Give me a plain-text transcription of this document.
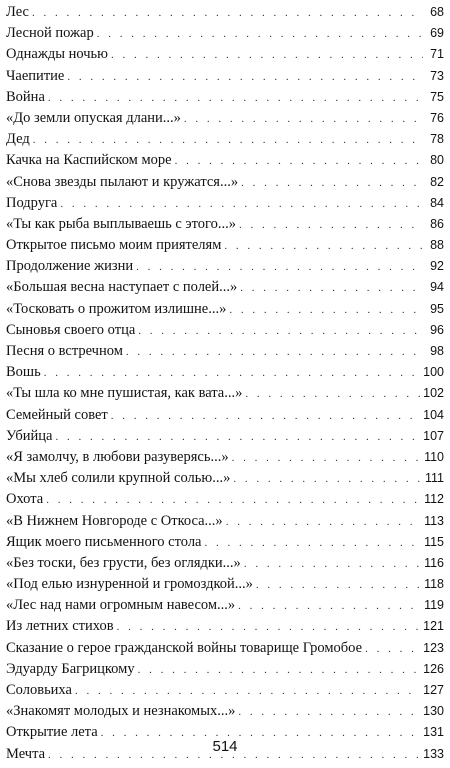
Лес . . .	68
Лесной пожар . . .	69
Однажды ночью . . .	71
Чаепитие . . .	73
Война . . .	75
«До земли опуская длани...» . . .	76
Дед . . .	78
Качка на Каспийском море . . .	80
«Снова звезды пылают и кружатся...» . . .	82
Подруга . . .	84
«Ты как рыба выплываешь с этого...» . . .	86
Открытое письмо моим приятелям . . .	88
Продолжение жизни . . .	92
«Большая весна наступает с полей...» . . .	94
«Тосковать о прожитом излишне...» . . .	95
Сыновья своего отца . . .	96
Песня о встречном . . .	98
Вошь . . .	100
«Ты шла ко мне пушистая, как вата...» . . .	102
Семейный совет . . .	104
Убийца . . .	107
«Я замолчу, в любови разуверясь...» . . .	110
«Мы хлеб солили крупной солью...» . . .	111
Охота . . .	112
«В Нижнем Новгороде с Откоса...» . . .	113
Ящик моего письменного стола . . .	115
«Без тоски, без грусти, без оглядки...» . . .	116
«Под елью изнуренной и громоздкой...» . . .	118
«Лес над нами огромным навесом...» . . .	119
Из летних стихов . . .	121
Сказание о герое гражданской войны товарище Громобое . . .	123
Эдуарду Багрицкому . . .	126
Соловьиха . . .	127
«Знакомят молодых и незнакомых...» . . .	130
Открытие лета . . .	131
Мечта . . .	133
514
